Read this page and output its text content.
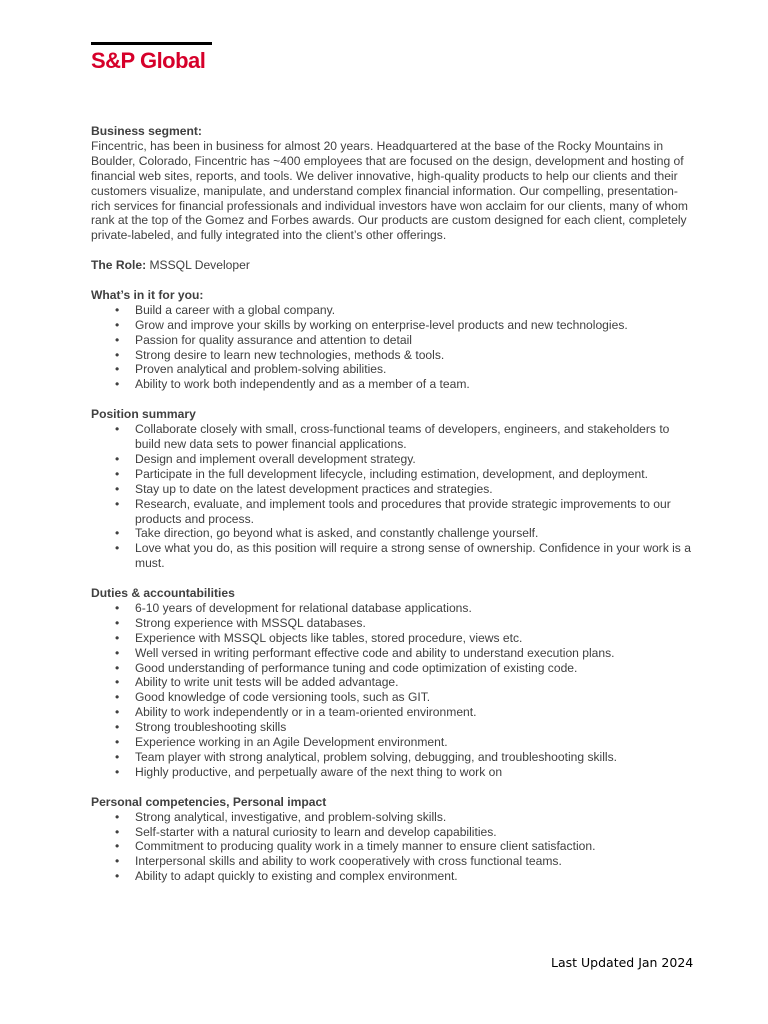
S&P Global

Business segment:

Fincentric, has been in business for almost 20 years. Headquartered at the base of the Rocky Mountains in Boulder, Colorado, Fincentric has ~400 employees that are focused on the design, development and hosting of financial web sites, reports, and tools. We deliver innovative, high-quality products to help our clients and their customers visualize, manipulate, and understand complex financial information. Our compelling, presentation-rich services for financial professionals and individual investors have won acclaim for our clients, many of whom rank at the top of the Gomez and Forbes awards. Our products are custom designed for each client, completely private-labeled, and fully integrated into the client’s other offerings.

The Role: MSSQL Developer

What’s in it for you:

• Build a career with a global company.
• Grow and improve your skills by working on enterprise-level products and new technologies.
• Passion for quality assurance and attention to detail
• Strong desire to learn new technologies, methods & tools.
• Proven analytical and problem-solving abilities.
• Ability to work both independently and as a member of a team.

Position summary

• Collaborate closely with small, cross-functional teams of developers, engineers, and stakeholders to build new data sets to power financial applications.
• Design and implement overall development strategy.
• Participate in the full development lifecycle, including estimation, development, and deployment.
• Stay up to date on the latest development practices and strategies.
• Research, evaluate, and implement tools and procedures that provide strategic improvements to our products and process.
• Take direction, go beyond what is asked, and constantly challenge yourself.
• Love what you do, as this position will require a strong sense of ownership. Confidence in your work is a must.

Duties & accountabilities

• 6-10 years of development for relational database applications.
• Strong experience with MSSQL databases.
• Experience with MSSQL objects like tables, stored procedure, views etc.
• Well versed in writing performant effective code and ability to understand execution plans.
• Good understanding of performance tuning and code optimization of existing code.
• Ability to write unit tests will be added advantage.
• Good knowledge of code versioning tools, such as GIT.
• Ability to work independently or in a team-oriented environment.
• Strong troubleshooting skills
• Experience working in an Agile Development environment.
• Team player with strong analytical, problem solving, debugging, and troubleshooting skills.
• Highly productive, and perpetually aware of the next thing to work on

Personal competencies, Personal impact

• Strong analytical, investigative, and problem-solving skills.
• Self-starter with a natural curiosity to learn and develop capabilities.
• Commitment to producing quality work in a timely manner to ensure client satisfaction.
• Interpersonal skills and ability to work cooperatively with cross functional teams.
• Ability to adapt quickly to existing and complex environment.
Last Updated Jan 2024
